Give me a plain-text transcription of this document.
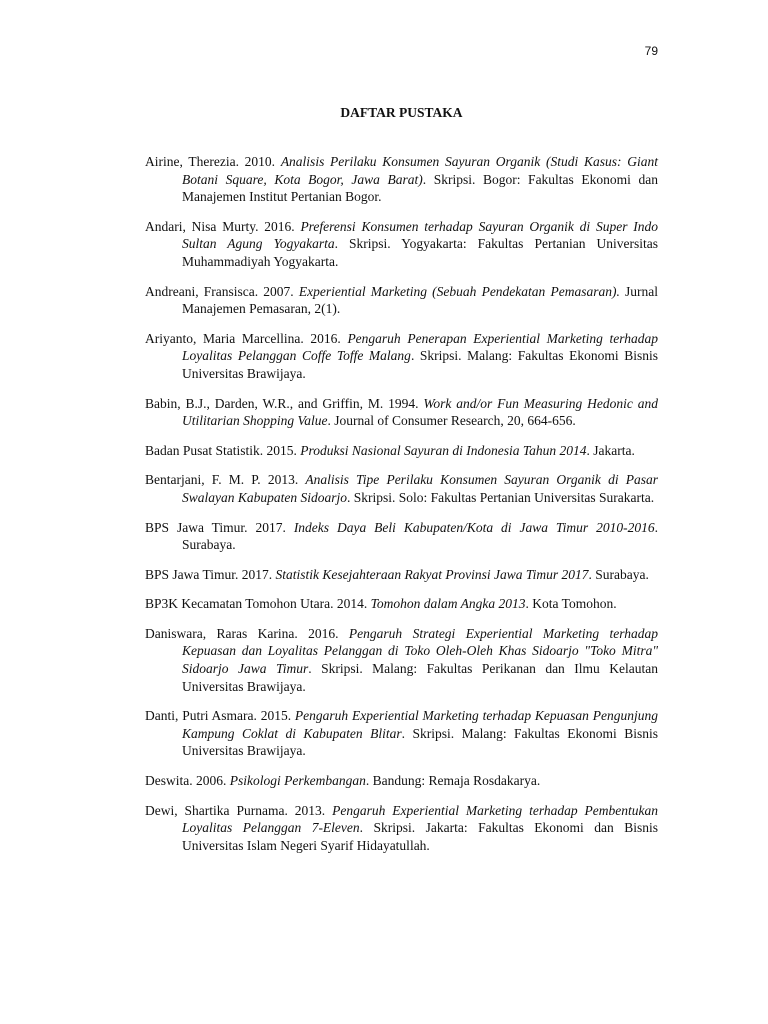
79
DAFTAR PUSTAKA

Airine, Therezia. 2010. Analisis Perilaku Konsumen Sayuran Organik (Studi Kasus: Giant Botani Square, Kota Bogor, Jawa Barat). Skripsi. Bogor: Fakultas Ekonomi dan Manajemen Institut Pertanian Bogor.

Andari, Nisa Murty. 2016. Preferensi Konsumen terhadap Sayuran Organik di Super Indo Sultan Agung Yogyakarta. Skripsi. Yogyakarta: Fakultas Pertanian Universitas Muhammadiyah Yogyakarta.

Andreani, Fransisca. 2007. Experiential Marketing (Sebuah Pendekatan Pemasaran). Jurnal Manajemen Pemasaran, 2(1).

Ariyanto, Maria Marcellina. 2016. Pengaruh Penerapan Experiential Marketing terhadap Loyalitas Pelanggan Coffe Toffe Malang. Skripsi. Malang: Fakultas Ekonomi Bisnis Universitas Brawijaya.

Babin, B.J., Darden, W.R., and Griffin, M. 1994. Work and/or Fun Measuring Hedonic and Utilitarian Shopping Value. Journal of Consumer Research, 20, 664-656.

Badan Pusat Statistik. 2015. Produksi Nasional Sayuran di Indonesia Tahun 2014. Jakarta.

Bentarjani, F. M. P. 2013. Analisis Tipe Perilaku Konsumen Sayuran Organik di Pasar Swalayan Kabupaten Sidoarjo. Skripsi. Solo: Fakultas Pertanian Universitas Surakarta.

BPS Jawa Timur. 2017. Indeks Daya Beli Kabupaten/Kota di Jawa Timur 2010-2016. Surabaya.

BPS Jawa Timur. 2017. Statistik Kesejahteraan Rakyat Provinsi Jawa Timur 2017. Surabaya.

BP3K Kecamatan Tomohon Utara. 2014. Tomohon dalam Angka 2013. Kota Tomohon.

Daniswara, Raras Karina. 2016. Pengaruh Strategi Experiential Marketing terhadap Kepuasan dan Loyalitas Pelanggan di Toko Oleh-Oleh Khas Sidoarjo "Toko Mitra" Sidoarjo Jawa Timur. Skripsi. Malang: Fakultas Perikanan dan Ilmu Kelautan Universitas Brawijaya.

Danti, Putri Asmara. 2015. Pengaruh Experiential Marketing terhadap Kepuasan Pengunjung Kampung Coklat di Kabupaten Blitar. Skripsi. Malang: Fakultas Ekonomi Bisnis Universitas Brawijaya.

Deswita. 2006. Psikologi Perkembangan. Bandung: Remaja Rosdakarya.

Dewi, Shartika Purnama. 2013. Pengaruh Experiential Marketing terhadap Pembentukan Loyalitas Pelanggan 7-Eleven. Skripsi. Jakarta: Fakultas Ekonomi dan Bisnis Universitas Islam Negeri Syarif Hidayatullah.
